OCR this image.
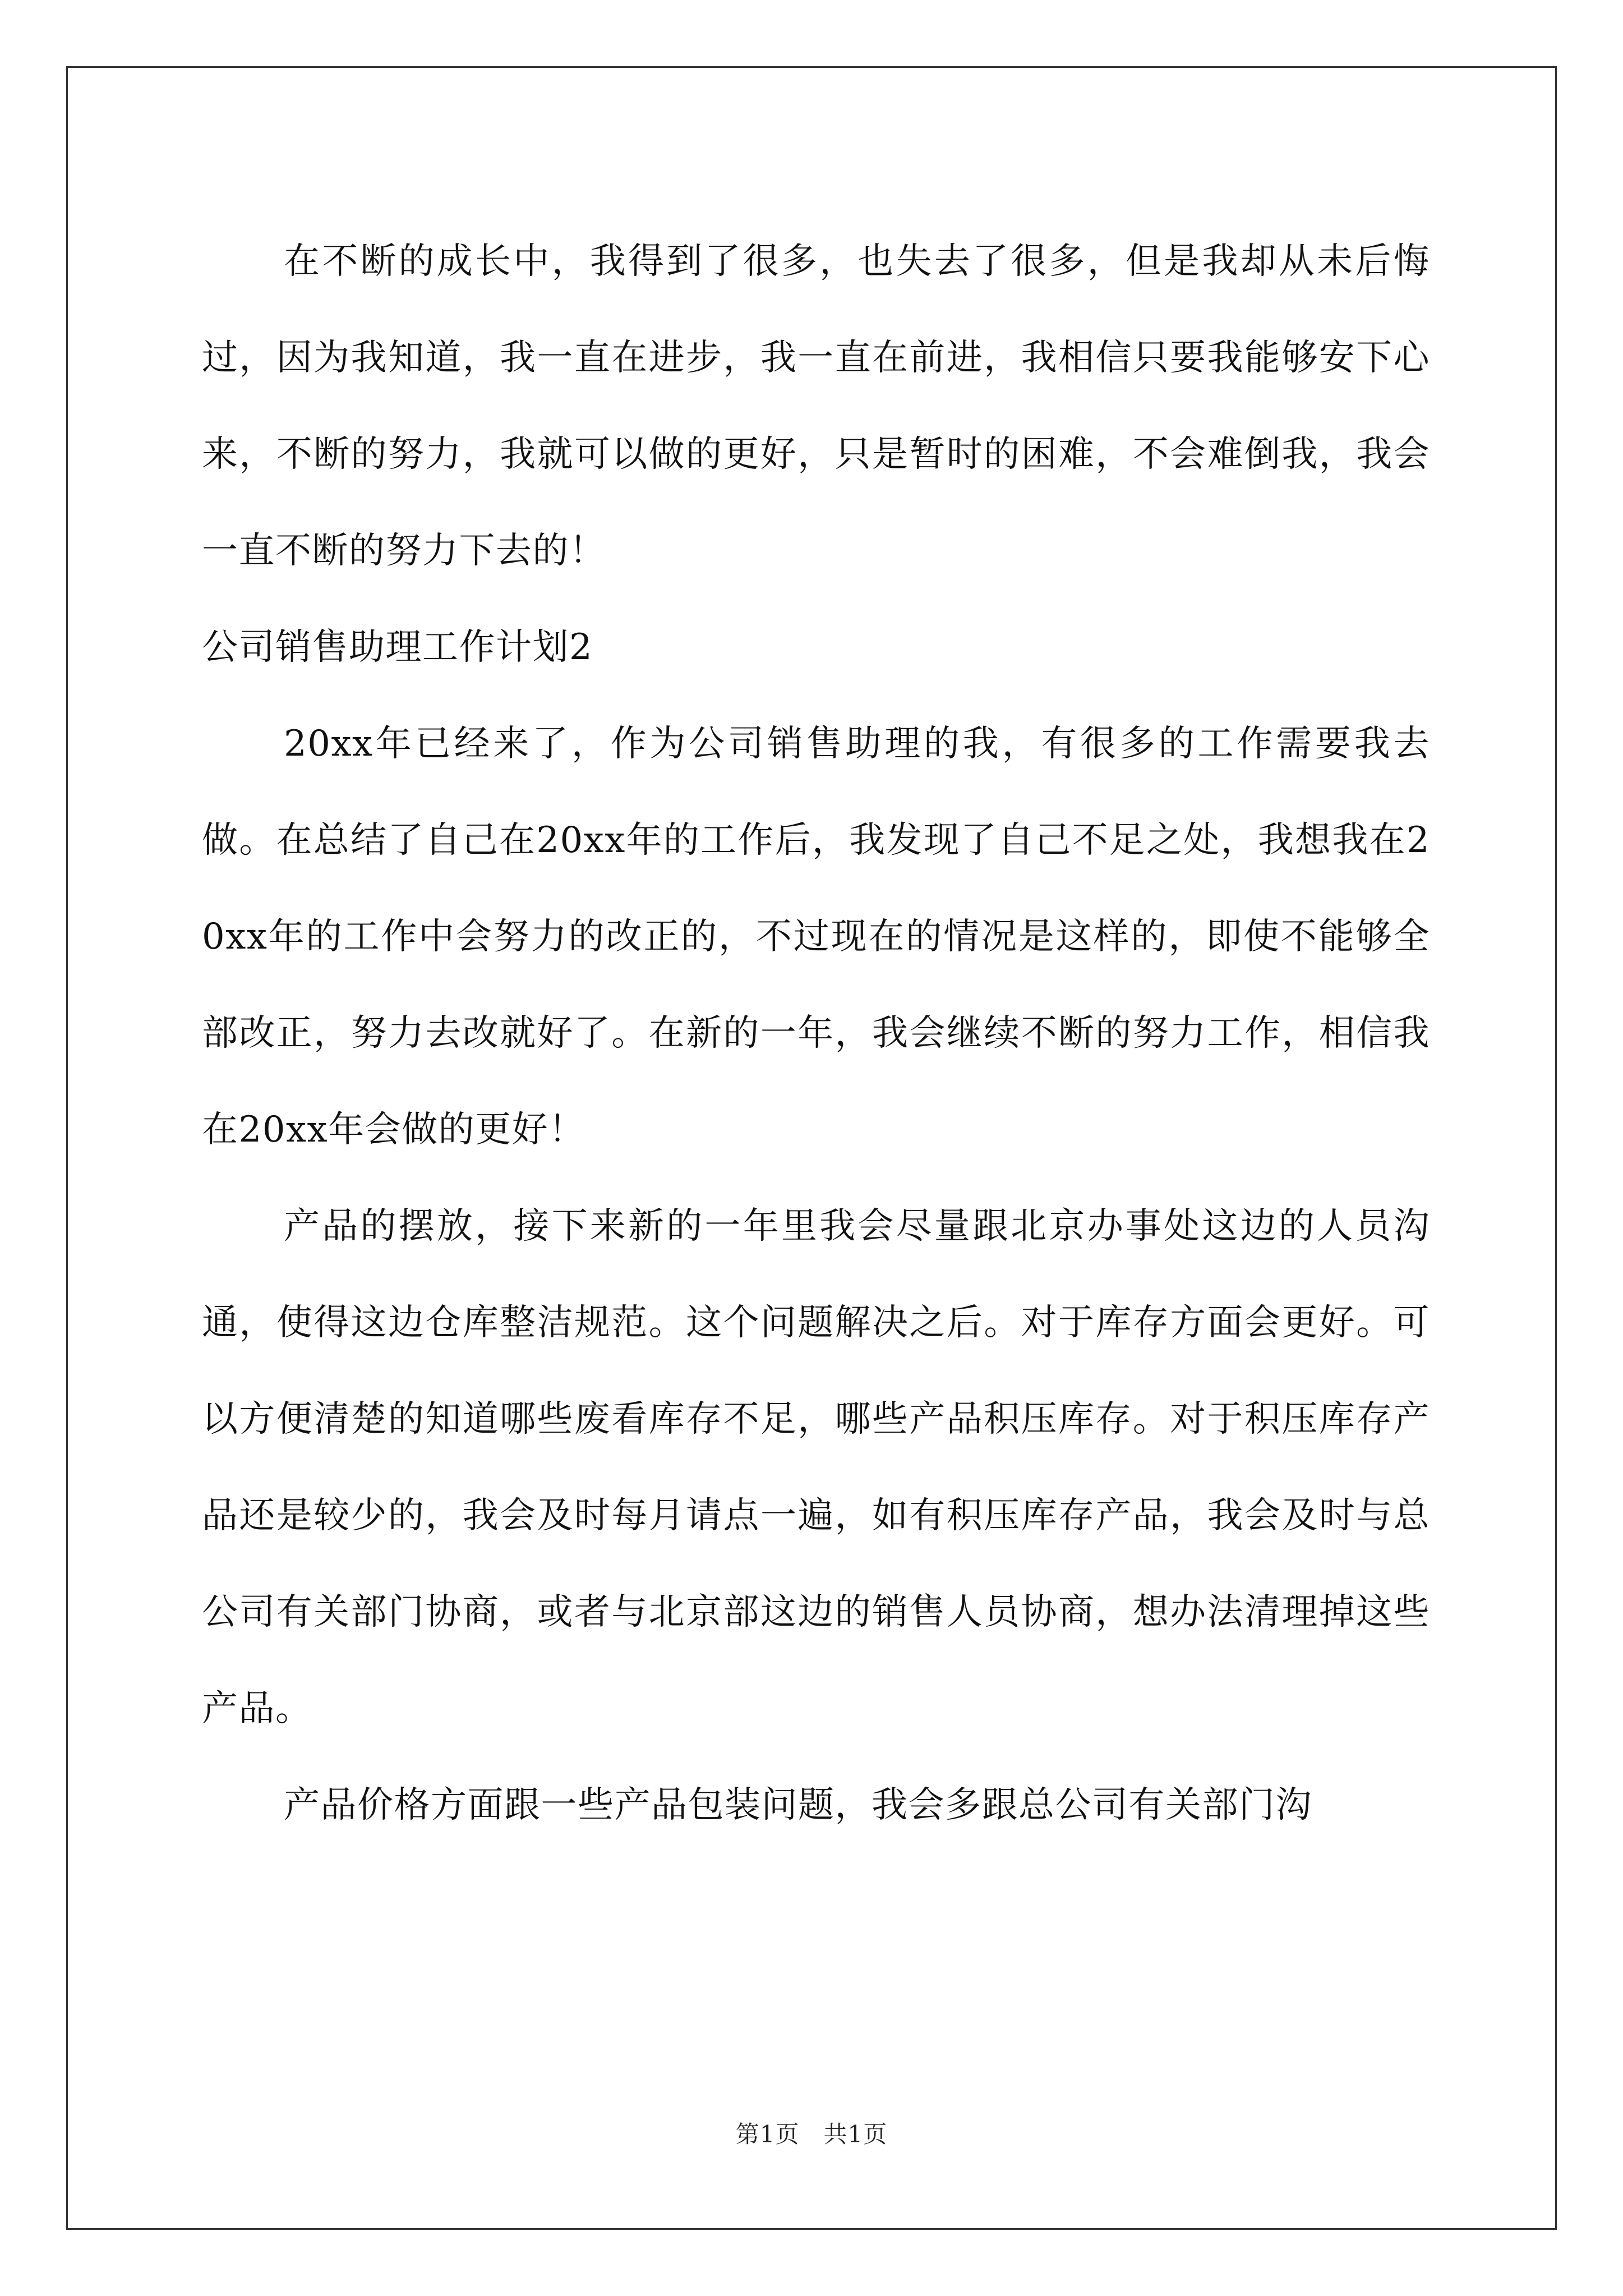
在不断的成长中，我得到了很多，也失去了很多，但是我却从未后悔过，因为我知道，我一直在进步，我一直在前进，我相信只要我能够安下心来，不断的努力，我就可以做的更好，只是暂时的困难，不会难倒我，我会一直不断的努力下去的！

公司销售助理工作计划2

20xx年已经来了，作为公司销售助理的我，有很多的工作需要我去做。在总结了自己在20xx年的工作后，我发现了自己不足之处，我想我在20xx年的工作中会努力的改正的，不过现在的情况是这样的，即使不能够全部改正，努力去改就好了。在新的一年，我会继续不断的努力工作，相信我在20xx年会做的更好！

产品的摆放，接下来新的一年里我会尽量跟北京办事处这边的人员沟通，使得这边仓库整洁规范。这个问题解决之后。对于库存方面会更好。可以方便清楚的知道哪些废看库存不足，哪些产品积压库存。对于积压库存产品还是较少的，我会及时每月请点一遍，如有积压库存产品，我会及时与总公司有关部门协商，或者与北京部这边的销售人员协商，想办法清理掉这些产品。

产品价格方面跟一些产品包装问题，我会多跟总公司有关部门沟

第1页　共1页
